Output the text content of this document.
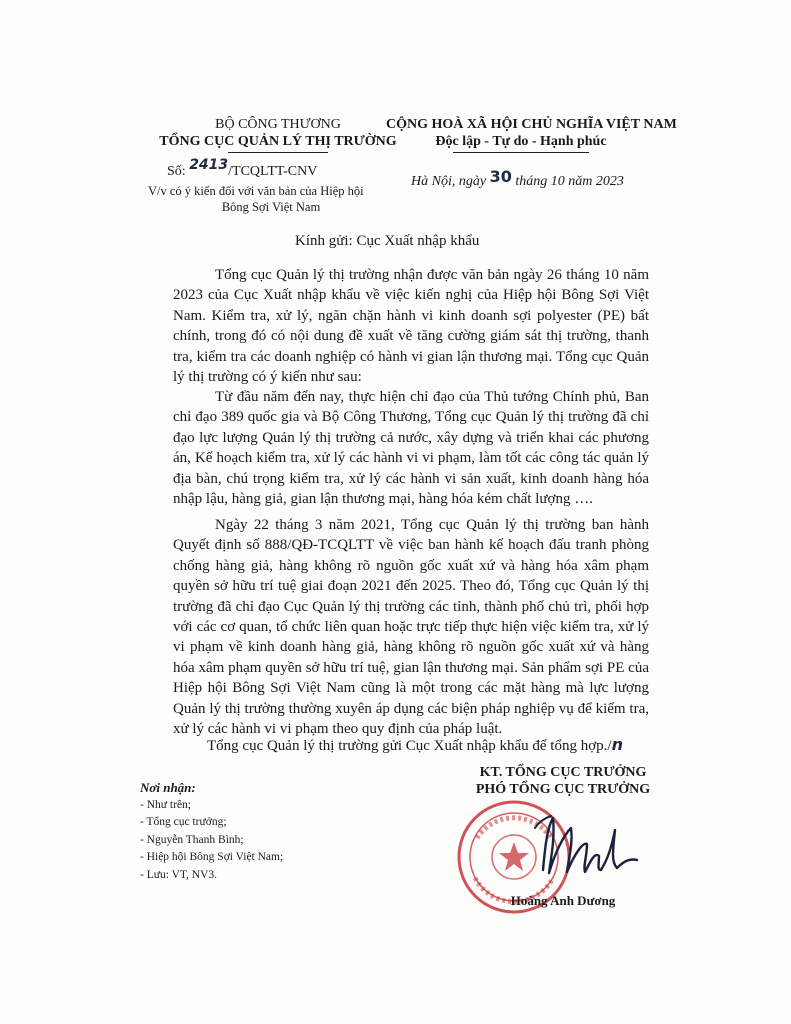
BỘ CÔNG THƯƠNG
TỔNG CỤC QUẢN LÝ THỊ TRƯỜNG
Số: 2413/TCQLTT-CNV
V/v có ý kiến đối với văn bản của Hiệp hội
Bông Sợi Việt Nam
CỘNG HOÀ XÃ HỘI CHỦ NGHĨA VIỆT NAM
Độc lập - Tự do - Hạnh phúc
Hà Nội, ngày 30 tháng 10 năm 2023
Kính gửi: Cục Xuất nhập khẩu
Tổng cục Quản lý thị trường nhận được văn bản ngày 26 tháng 10 năm 2023 của Cục Xuất nhập khẩu về việc kiến nghị của Hiệp hội Bông Sợi Việt Nam. Kiểm tra, xử lý, ngăn chặn hành vi kinh doanh sợi polyester (PE) bất chính, trong đó có nội dung đề xuất về tăng cường giám sát thị trường, thanh tra, kiểm tra các doanh nghiệp có hành vi gian lận thương mại. Tổng cục Quản lý thị trường có ý kiến như sau:
Từ đầu năm đến nay, thực hiện chỉ đạo của Thủ tướng Chính phủ, Ban chỉ đạo 389 quốc gia và Bộ Công Thương, Tổng cục Quản lý thị trường đã chỉ đạo lực lượng Quản lý thị trường cả nước, xây dựng và triển khai các phương án, Kế hoạch kiểm tra, xử lý các hành vi vi phạm, làm tốt các công tác quản lý địa bàn, chú trọng kiểm tra, xử lý các hành vi sản xuất, kinh doanh hàng hóa nhập lậu, hàng giả, gian lận thương mại, hàng hóa kém chất lượng ….
Ngày 22 tháng 3 năm 2021, Tổng cục Quản lý thị trường ban hành Quyết định số 888/QĐ-TCQLTT về việc ban hành kế hoạch đấu tranh phòng chống hàng giả, hàng không rõ nguồn gốc xuất xứ và hàng hóa xâm phạm quyền sở hữu trí tuệ giai đoạn 2021 đến 2025. Theo đó, Tổng cục Quản lý thị trường đã chỉ đạo Cục Quản lý thị trường các tỉnh, thành phố chủ trì, phối hợp với các cơ quan, tổ chức liên quan hoặc trực tiếp thực hiện việc kiểm tra, xử lý vi phạm về kinh doanh hàng giả, hàng không rõ nguồn gốc xuất xứ và hàng hóa xâm phạm quyền sở hữu trí tuệ, gian lận thương mại. Sản phẩm sợi PE của Hiệp hội Bông Sợi Việt Nam cũng là một trong các mặt hàng mà lực lượng Quản lý thị trường thường xuyên áp dụng các biện pháp nghiệp vụ để kiểm tra, xử lý các hành vi vi phạm theo quy định của pháp luật.
Tổng cục Quản lý thị trường gửi Cục Xuất nhập khẩu để tổng hợp./n
Nơi nhận:
- Như trên;
- Tổng cục trưởng;
- Nguyễn Thanh Bình;
- Hiệp hội Bông Sợi Việt Nam;
- Lưu: VT, NV3.
KT. TỔNG CỤC TRƯỞNG
PHÓ TỔNG CỤC TRƯỞNG
Hoàng Anh Dương
